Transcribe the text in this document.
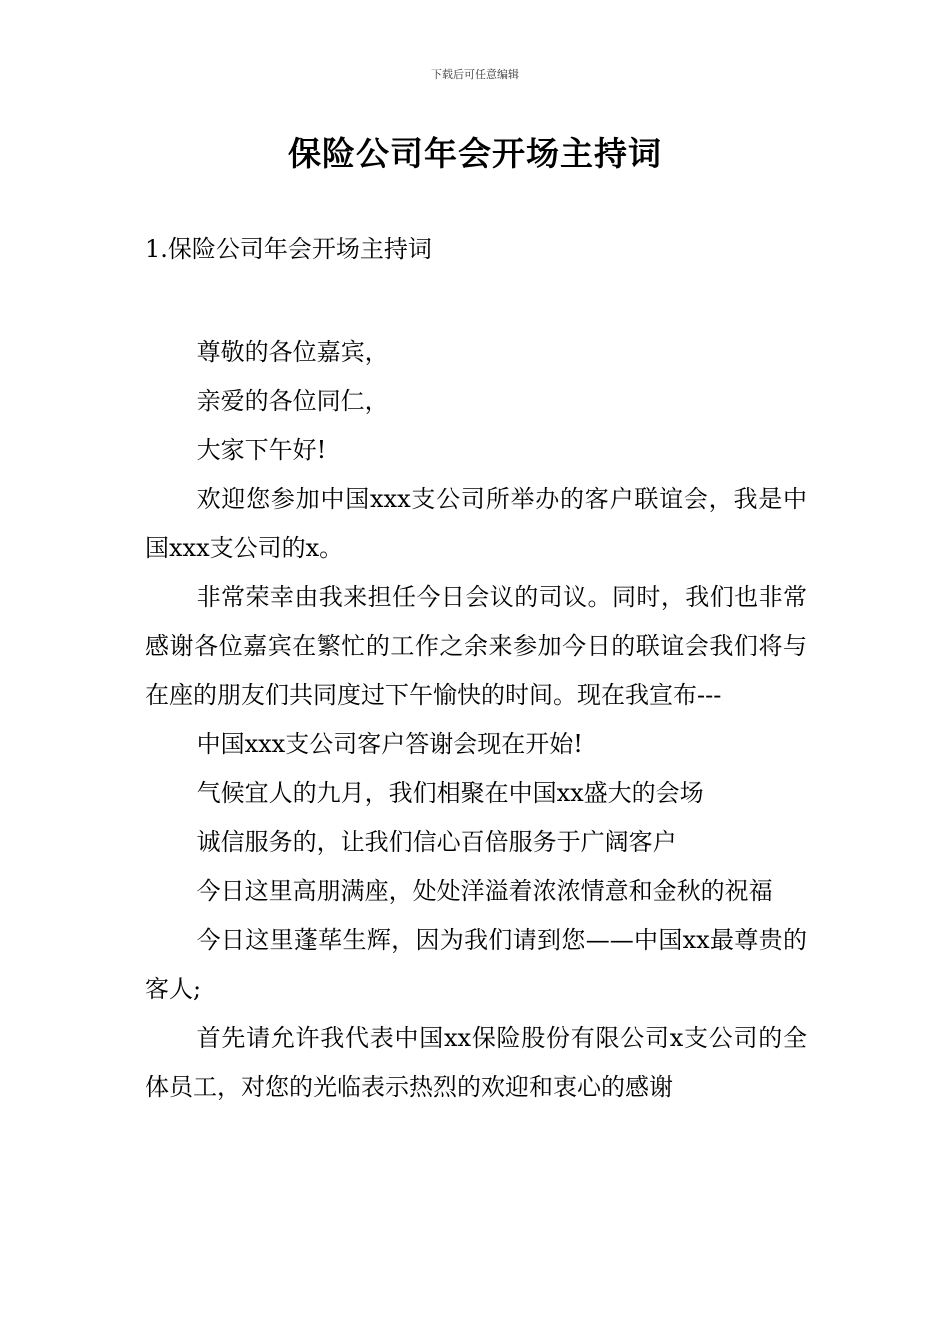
下载后可任意编辑
保险公司年会开场主持词
1.保险公司年会开场主持词

尊敬的各位嘉宾，

亲爱的各位同仁，

大家下午好!

欢迎您参加中国xxx支公司所举办的客户联谊会，我是中国xxx支公司的x。

非常荣幸由我来担任今日会议的司议。同时，我们也非常感谢各位嘉宾在繁忙的工作之余来参加今日的联谊会我们将与在座的朋友们共同度过下午愉快的时间。现在我宣布---

中国xxx支公司客户答谢会现在开始!

气候宜人的九月，我们相聚在中国xx盛大的会场

诚信服务的，让我们信心百倍服务于广阔客户

今日这里高朋满座，处处洋溢着浓浓情意和金秋的祝福

今日这里蓬荜生辉，因为我们请到您——中国xx最尊贵的客人;

首先请允许我代表中国xx保险股份有限公司x支公司的全体员工，对您的光临表示热烈的欢迎和衷心的感谢
